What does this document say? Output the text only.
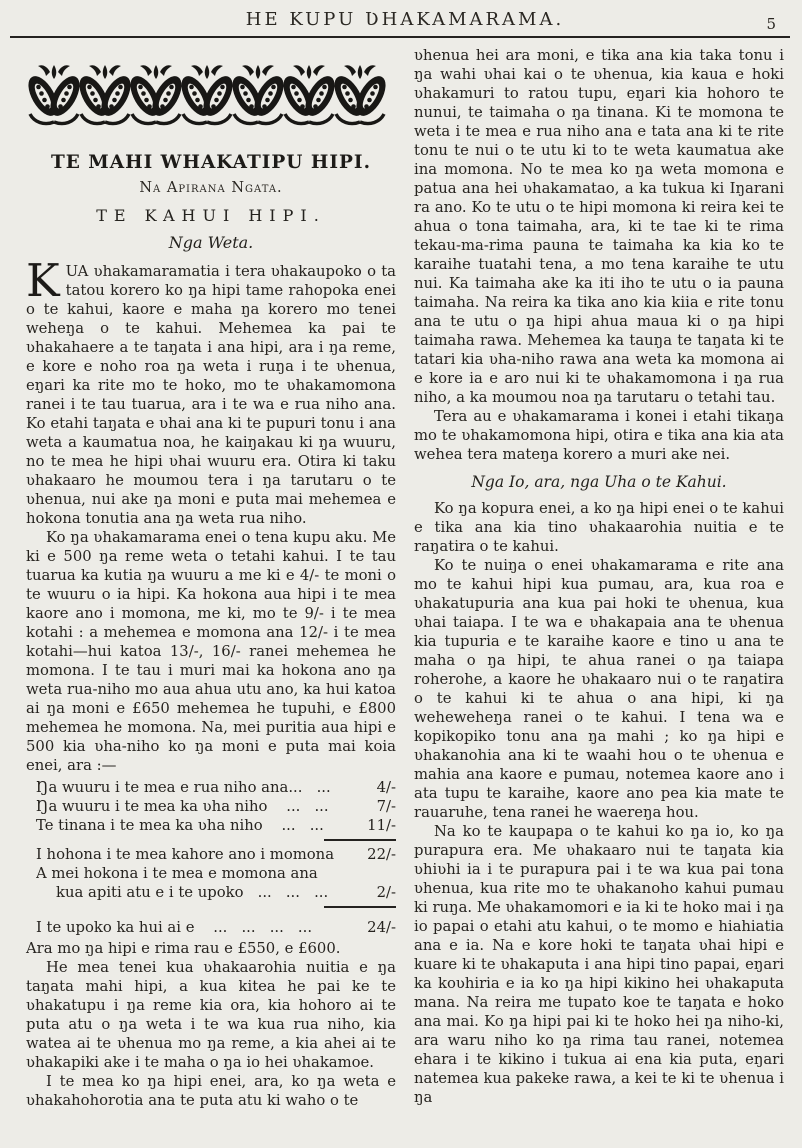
HE KUPU ƲHAKAMARAMA.	5
TE MAHI WHAKATIPU HIPI.
Na Apirana Ngata.
TE KAHUI HIPI.
Nga Weta.

KUA ʋhakamaramatia i tera ʋhakaupoko o ta tatou korero ko ŋa hipi tame rahopoka enei o te kahui, kaore e maha ŋa korero mo tenei weheŋa o te kahui. Mehemea ka pai te ʋhakahaere a te taŋata i ana hipi, ara i ŋa reme, e kore e noho roa ŋa weta i ruŋa i te ʋhenua, eŋari ka rite mo te hoko, mo te ʋhakamomona ranei i te tau tuarua, ara i te wa e rua niho ana. Ko etahi taŋata e ʋhai ana ki te pupuri tonu i ana weta a kaumatua noa, he kaiŋakau ki ŋa wuuru, no te mea he hipi ʋhai wuuru era. Otira ki taku ʋhakaaro he moumou tera i ŋa tarutaru o te ʋhenua, nui ake ŋa moni e puta mai mehemea e hokona tonutia ana ŋa weta rua niho.

Ko ŋa ʋhakamarama enei o tena kupu aku. Me ki e 500 ŋa reme weta o tetahi kahui. I te tau tuarua ka kutia ŋa wuuru a me ki e 4/- te moni o te wuuru o ia hipi. Ka hokona aua hipi i te mea kaore ano i momona, me ki, mo te 9/- i te mea kotahi : a mehemea e momona ana 12/- i te mea kotahi—hui katoa 13/-, 16/- ranei mehemea he momona. I te tau i muri mai ka hokona ano ŋa weta rua-niho mo aua ahua utu ano, ka hui katoa ai ŋa moni e £650 mehemea he tupuhi, e £800 mehemea he momona. Na, mei puritia aua hipi e 500 kia ʋha-niho ko ŋa moni e puta mai koia enei, ara :—

Ŋa wuuru i te mea e rua niho ana...   ...	4/-
Ŋa wuuru i te mea ka ʋha niho    ...   ...	7/-
Te tinana i te mea ka ʋha niho    ...   ...	11/-
I hohona i te mea kahore ano i momona	22/-
A mei hokona i te mea e momona ana
kua apiti atu e i te upoko   ...   ...   ...	2/-
I te upoko ka hui ai e    ...   ...   ...   ...	24/-

Ara mo ŋa hipi e rima rau e £550, e £600.

He mea tenei kua ʋhakaarohia nuitia e ŋa taŋata mahi hipi, a kua kitea he pai ke te ʋhakatupu i ŋa reme kia ora, kia hohoro ai te puta atu o ŋa weta i te wa kua rua niho, kia watea ai te ʋhenua mo ŋa reme, a kia ahei ai te ʋhakapiki ake i te maha o ŋa io hei ʋhakamoe.

I te mea ko ŋa hipi enei, ara, ko ŋa weta e ʋhakahohorotia ana te puta atu ki waho o te

ʋhenua hei ara moni, e tika ana kia taka tonu i ŋa wahi ʋhai kai o te ʋhenua, kia kaua e hoki ʋhakamuri to ratou tupu, eŋari kia hohoro te nunui, te taimaha o ŋa tinana. Ki te momona te weta i te mea e rua niho ana e tata ana ki te rite tonu te nui o te utu ki to te weta kaumatua ake ina momona. No te mea ko ŋa weta momona e patua ana hei ʋhakamatao, a ka tukua ki Iŋarani ra ano. Ko te utu o te hipi momona ki reira kei te ahua o tona taimaha, ara, ki te tae ki te rima tekau-ma-rima pauna te taimaha ka kia ko te karaihe tuatahi tena, a mo tena karaihe te utu nui. Ka taimaha ake ka iti iho te utu o ia pauna taimaha. Na reira ka tika ano kia kiia e rite tonu ana te utu o ŋa hipi ahua maua ki o ŋa hipi taimaha rawa. Mehemea ka tauŋa te taŋata ki te tatari kia ʋha-niho rawa ana weta ka momona ai e kore ia e aro nui ki te ʋhakamomona i ŋa rua niho, a ka moumou noa ŋa tarutaru o tetahi tau.

Tera au e ʋhakamarama i konei i etahi tikaŋa mo te ʋhakamomona hipi, otira e tika ana kia ata wehea tera mateŋa korero a muri ake nei.

Nga Io, ara, nga Uha o te Kahui.

Ko ŋa kopura enei, a ko ŋa hipi enei o te kahui e tika ana kia tino ʋhakaarohia nuitia e te raŋatira o te kahui.

Ko te nuiŋa o enei ʋhakamarama e rite ana mo te kahui hipi kua pumau, ara, kua roa e ʋhakatupuria ana kua pai hoki te ʋhenua, kua ʋhai taiapa. I te wa e ʋhakapaia ana te ʋhenua kia tupuria e te karaihe kaore e tino u ana te maha o ŋa hipi, te ahua ranei o ŋa taiapa roherohe, a kaore he ʋhakaaro nui o te raŋatira o te kahui ki te ahua o ana hipi, ki ŋa weheweheŋa ranei o te kahui. I tena wa e kopikopiko tonu ana ŋa mahi ; ko ŋa hipi e ʋhakanohia ana ki te waahi hou o te ʋhenua e mahia ana kaore e pumau, notemea kaore ano i ata tupu te karaihe, kaore ano pea kia mate te rauaruhe, tena ranei he waereŋa hou.

Na ko te kaupapa o te kahui ko ŋa io, ko ŋa purapura era. Me ʋhakaaro nui te taŋata kia ʋhiʋhi ia i te purapura pai i te wa kua pai tona ʋhenua, kua rite mo te ʋhakanoho kahui pumau ki ruŋa. Me ʋhakamomori e ia ki te hoko mai i ŋa io papai o etahi atu kahui, o te momo e hiahiatia ana e ia. Na e kore hoki te taŋata ʋhai hipi e kuare ki te ʋhakaputa i ana hipi tino papai, eŋari ka koʋhiria e ia ko ŋa hipi kikino hei ʋhakaputa mana. Na reira me tupato koe te taŋata e hoko ana mai. Ko ŋa hipi pai ki te hoko hei ŋa niho-ki, ara waru niho ko ŋa rima tau ranei, notemea ehara i te kikino i tukua ai ena kia puta, eŋari natemea kua pakeke rawa, a kei te ki te ʋhenua i ŋa
